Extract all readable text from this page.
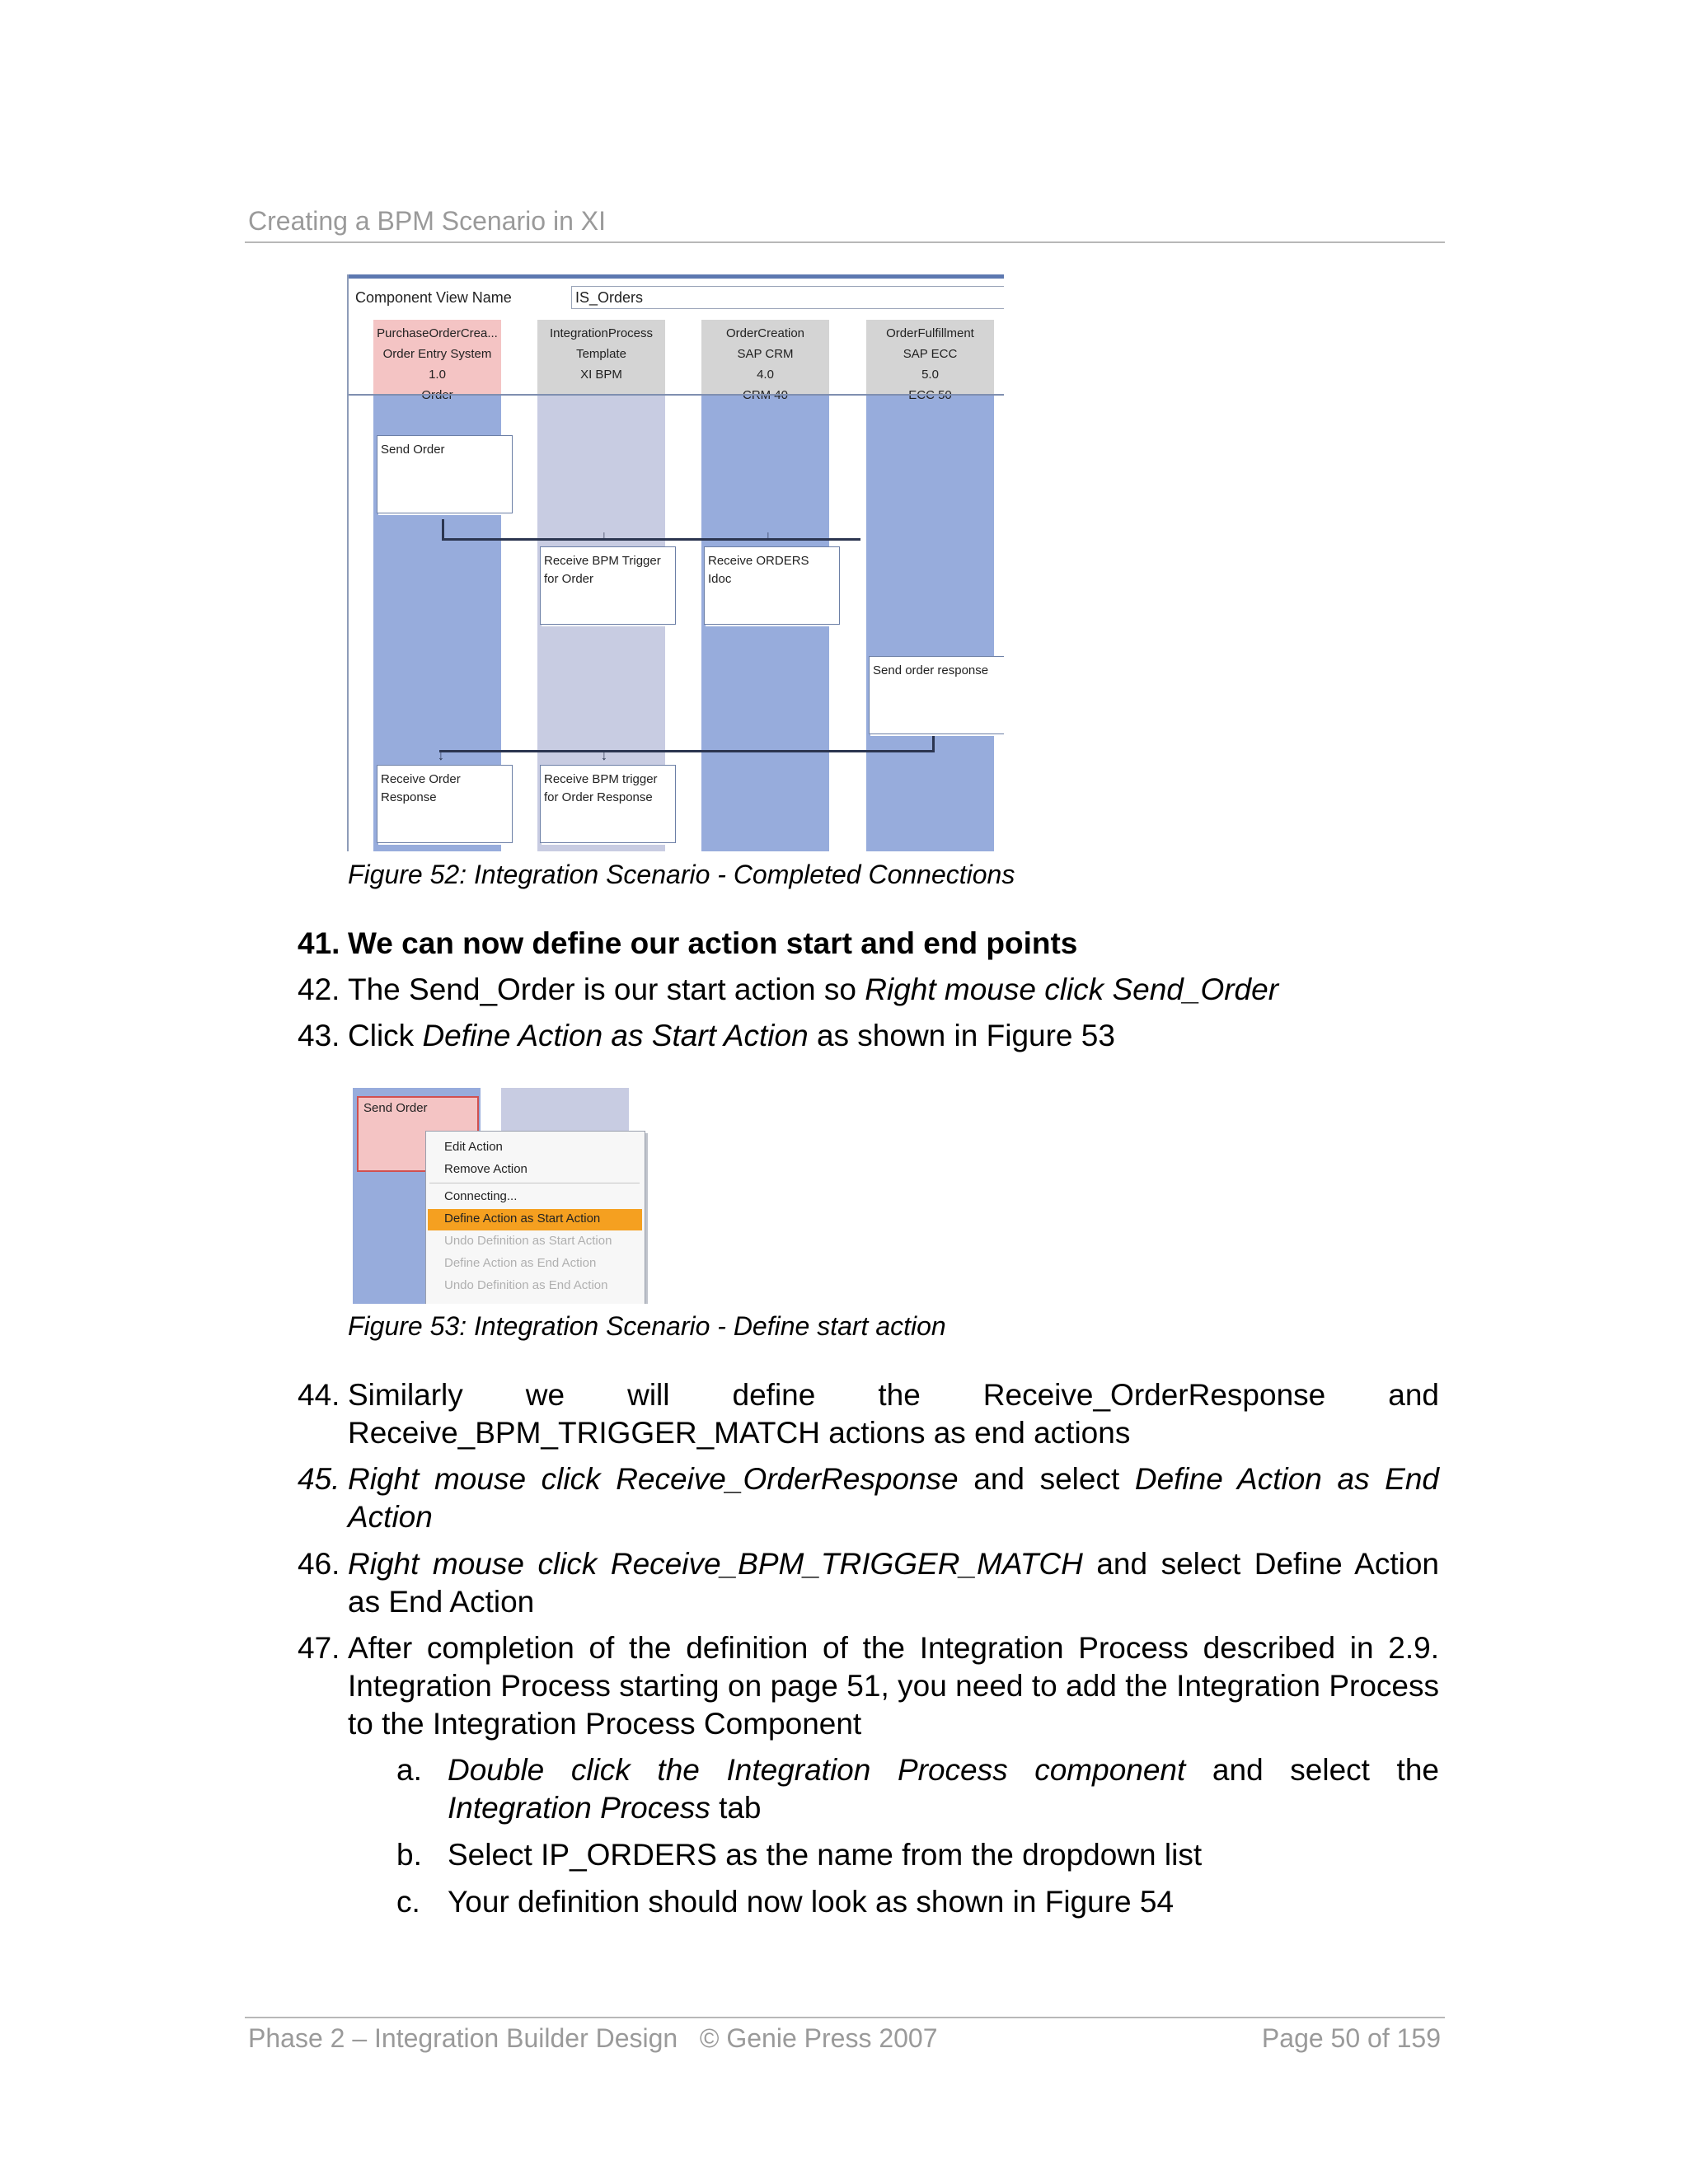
Creating a BPM Scenario in XI
Component View Name	IS_Orders
PurchaseOrderCrea...
Order Entry System
1.0
IntegrationProcess
Template
XI BPM
OrderCreation
SAP CRM
4.0
OrderFulfillment
SAP ECC
5.0
↓	↓
↓	↓
Send Order
Receive BPM Trigger for Order
Receive ORDERS Idoc
Send order response
Receive Order Response
Receive BPM trigger for Order Response
Figure 52: Integration Scenario - Completed Connections
41. We can now define our action start and end points
42. The Send_Order is our start action so Right mouse click Send_Order
43. Click Define Action as Start Action as shown in Figure 53
Send Order
Edit Action
Remove Action
Connecting...
Define Action as Start Action
Undo Definition as Start Action
Define Action as End Action
Undo Definition as End Action
Figure 53: Integration Scenario - Define start action
44. Similarly we will define the Receive_OrderResponse and Receive_BPM_TRIGGER_MATCH actions as end actions
45. Right mouse click Receive_OrderResponse and select Define Action as End Action
46. Right mouse click Receive_BPM_TRIGGER_MATCH and select Define Action as End Action
47. After completion of the definition of the Integration Process described in 2.9. Integration Process starting on page 51, you need to add the Integration Process to the Integration Process Component
a. Double click the Integration Process component and select the Integration Process tab
b. Select IP_ORDERS as the name from the dropdown list
c. Your definition should now look as shown in Figure 54
Phase 2 – Integration Builder Design   © Genie Press 2007	Page 50 of 159
